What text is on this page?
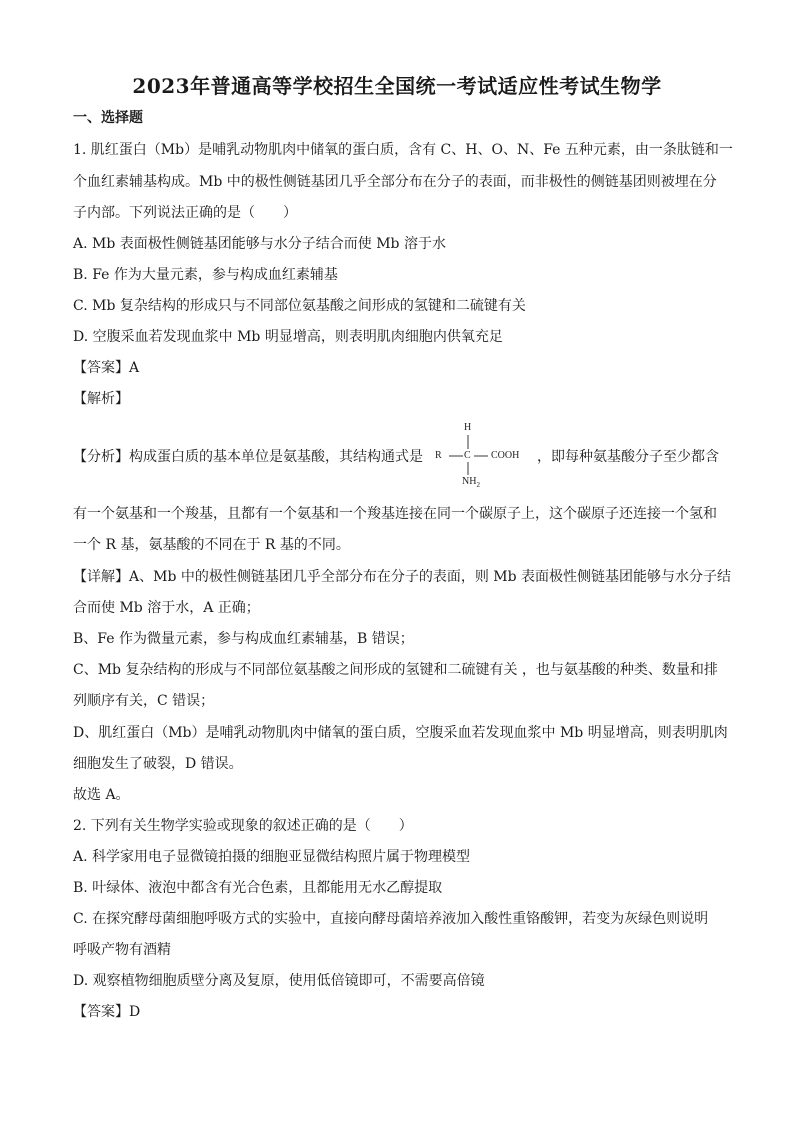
2023年普通高等学校招生全国统一考试适应性考试生物学
一、选择题
1. 肌红蛋白（Mb）是哺乳动物肌肉中储氧的蛋白质，含有 C、H、O、N、Fe 五种元素，由一条肽链和一
个血红素辅基构成。Mb 中的极性侧链基团几乎全部分布在分子的表面，而非极性的侧链基团则被埋在分
子内部。下列说法正确的是（　　）
A. Mb 表面极性侧链基团能够与水分子结合而使 Mb 溶于水
B. Fe 作为大量元素，参与构成血红素辅基
C. Mb 复杂结构的形成只与不同部位氨基酸之间形成的氢键和二硫键有关
D. 空腹采血若发现血浆中 Mb 明显增高，则表明肌肉细胞内供氧充足
【答案】A
【解析】
【分析】构成蛋白质的基本单位是氨基酸，其结构通式是	，即每种氨基酸分子至少都含
H
R C COOH
$NH_2$
有一个氨基和一个羧基，且都有一个氨基和一个羧基连接在同一个碳原子上，这个碳原子还连接一个氢和
一个 R 基，氨基酸的不同在于 R 基的不同。
【详解】A、Mb 中的极性侧链基团几乎全部分布在分子的表面，则 Mb 表面极性侧链基团能够与水分子结
合而使 Mb 溶于水，A 正确；
B、Fe 作为微量元素，参与构成血红素辅基，B 错误；
C、Mb 复杂结构的形成与不同部位氨基酸之间形成的氢键和二硫键有关 ，也与氨基酸的种类、数量和排
列顺序有关，C 错误；
D、肌红蛋白（Mb）是哺乳动物肌肉中储氧的蛋白质，空腹采血若发现血浆中 Mb 明显增高，则表明肌肉
细胞发生了破裂，D 错误。
故选 A。
2. 下列有关生物学实验或现象的叙述正确的是（　　）
A. 科学家用电子显微镜拍摄的细胞亚显微结构照片属于物理模型
B. 叶绿体、液泡中都含有光合色素，且都能用无水乙醇提取
C. 在探究酵母菌细胞呼吸方式的实验中，直接向酵母菌培养液加入酸性重铬酸钾，若变为灰绿色则说明
呼吸产物有酒精
D. 观察植物细胞质壁分离及复原，使用低倍镜即可，不需要高倍镜
【答案】D
